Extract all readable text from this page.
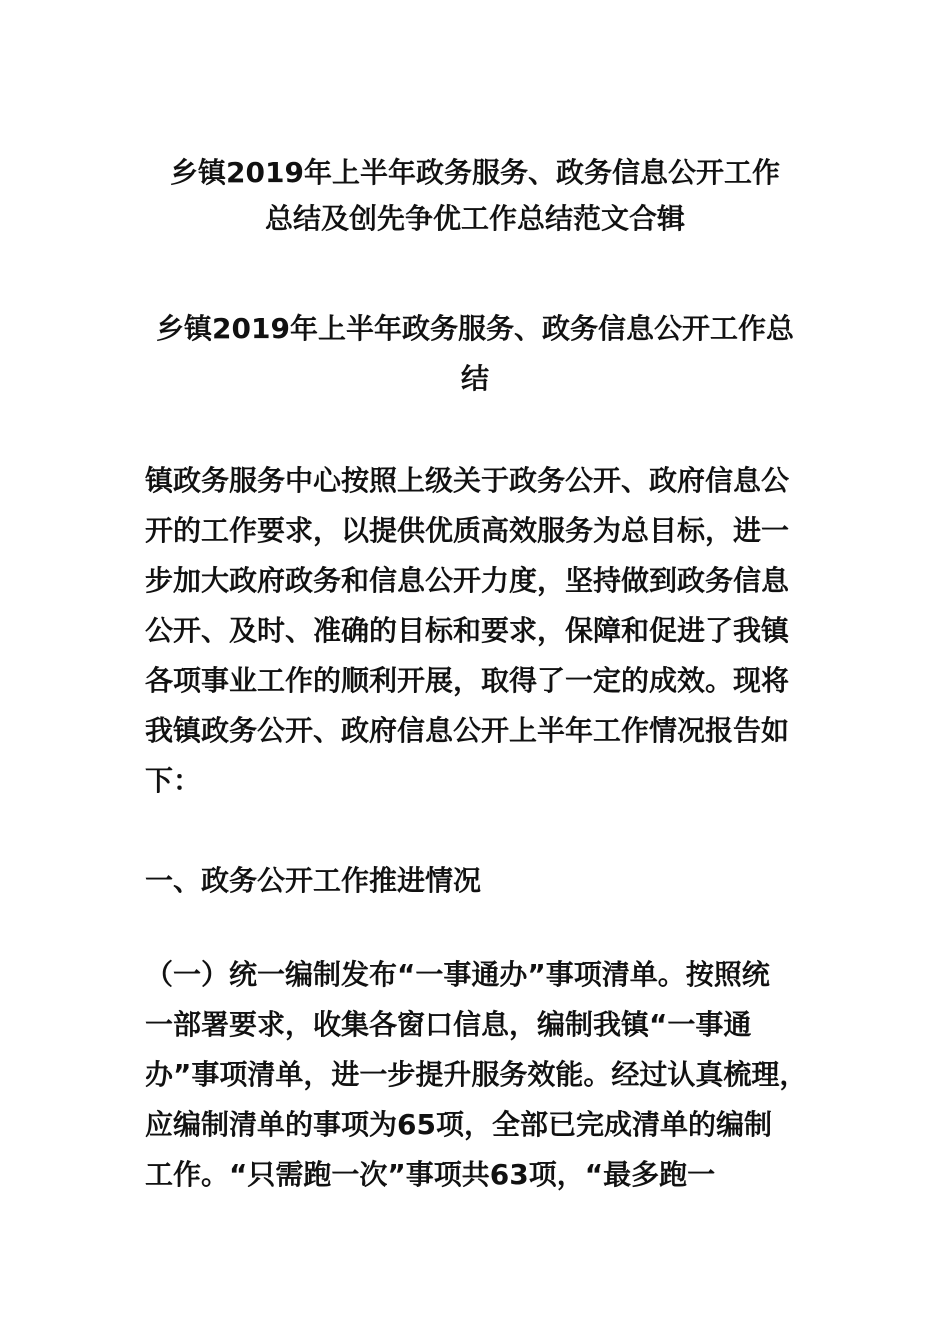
乡镇2019年上半年政务服务、政务信息公开工作
总结及创先争优工作总结范文合辑
乡镇2019年上半年政务服务、政务信息公开工作总
结
镇政务服务中心按照上级关于政务公开、政府信息公
开的工作要求，以提供优质高效服务为总目标，进一
步加大政府政务和信息公开力度，坚持做到政务信息
公开、及时、准确的目标和要求，保障和促进了我镇
各项事业工作的顺利开展，取得了一定的成效。现将
我镇政务公开、政府信息公开上半年工作情况报告如
下：
一、政务公开工作推进情况
（一）统一编制发布“一事通办”事项清单。按照统
一部署要求，收集各窗口信息，编制我镇“一事通
办”事项清单，进一步提升服务效能。经过认真梳理，
应编制清单的事项为65项，全部已完成清单的编制
工作。“只需跑一次”事项共63项，“最多跑一
